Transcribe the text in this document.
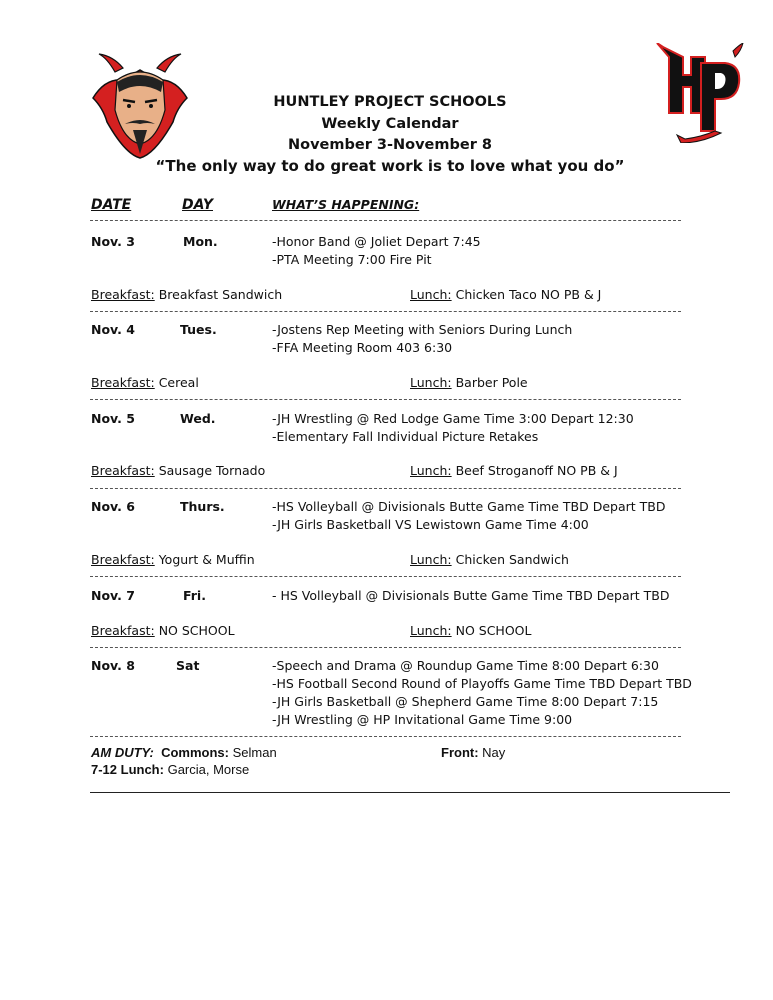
HUNTLEY PROJECT SCHOOLS
Weekly Calendar
November 3-November 8
“The only way to do great work is to love what you do”
DATE	DAY	WHAT’S HAPPENING:
Nov. 3	Mon.	-Honor Band @ Joliet Depart 7:45
-PTA Meeting 7:00 Fire Pit
Breakfast: Breakfast Sandwich	Lunch: Chicken Taco NO PB & J
Nov. 4	Tues.	-Jostens Rep Meeting with Seniors During Lunch
-FFA Meeting Room 403 6:30
Breakfast: Cereal	Lunch: Barber Pole
Nov. 5	Wed.	-JH Wrestling @ Red Lodge Game Time 3:00 Depart 12:30
-Elementary Fall Individual Picture Retakes
Breakfast: Sausage Tornado	Lunch: Beef Stroganoff NO PB & J
Nov. 6	Thurs.	-HS Volleyball @ Divisionals Butte Game Time TBD Depart TBD
-JH Girls Basketball VS Lewistown Game Time 4:00
Breakfast: Yogurt & Muffin	Lunch: Chicken Sandwich
Nov. 7	Fri.	- HS Volleyball @ Divisionals Butte Game Time TBD Depart TBD
Breakfast: NO SCHOOL	Lunch: NO SCHOOL
Nov. 8	Sat	-Speech and Drama @ Roundup Game Time 8:00 Depart 6:30
-HS Football Second Round of Playoffs Game Time TBD Depart TBD
-JH Girls Basketball @ Shepherd Game Time 8:00 Depart 7:15
-JH Wrestling @ HP Invitational Game Time 9:00
AM DUTY: Commons: Selman	Front: Nay
7-12 Lunch: Garcia, Morse
